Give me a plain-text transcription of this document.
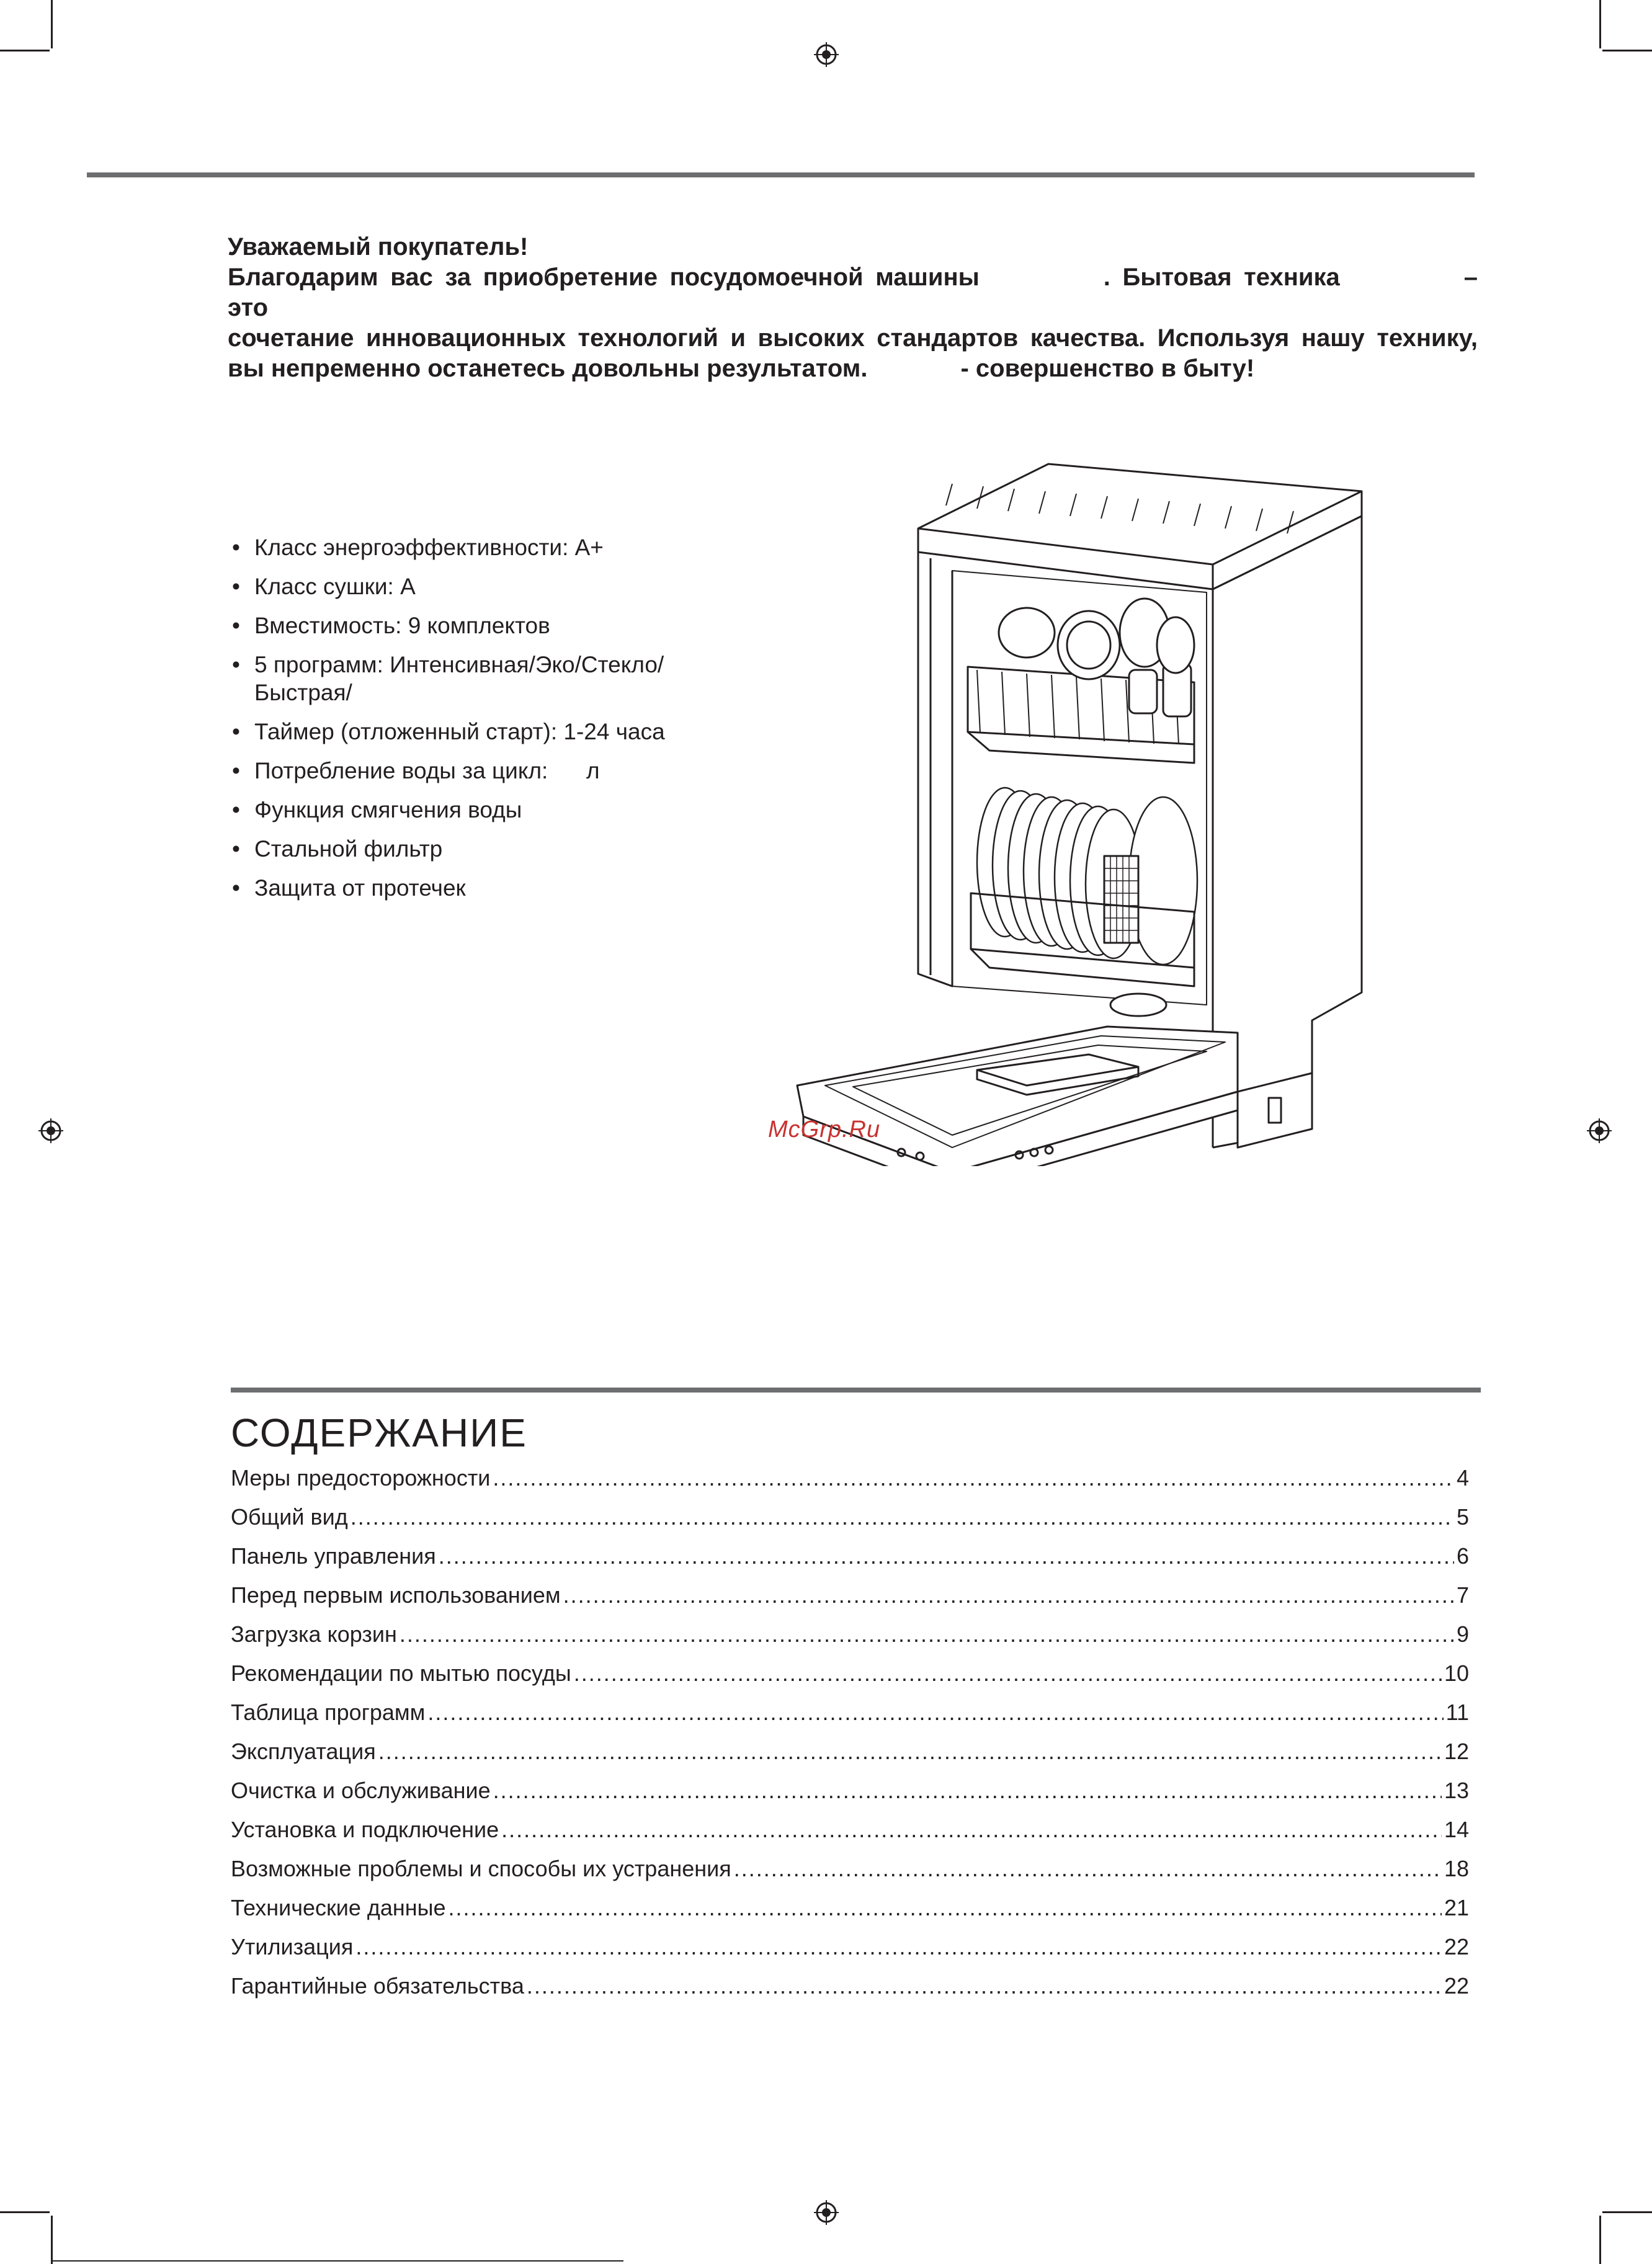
Уважаемый покупатель!

Благодарим вас за приобретение посудомоечной машины	. Бытовая техника	– это

сочетание инновационных технологий и высоких стандартов качества. Используя нашу технику,

вы непременно останетесь довольны результатом.	- совершенство в быту!

• Класс энергоэффективности: А+
• Класс сушки: А
• Вместимость: 9 комплектов
• 5 программ: Интенсивная/Эко/Стекло/ Быстрая/
• Таймер (отложенный старт): 1-24 часа
• Потребление воды за цикл:      л
• Функция смягчения воды
• Стальной фильтр
• Защита от протечек
McGrp.Ru
СОДЕРЖАНИЕ
Меры предосторожности .....	4
Общий вид .....	5
Панель управления .....	6
Перед первым использованием .....	7
Загрузка корзин .....	9
Рекомендации по мытью посуды .....	10
Таблица программ .....	11
Эксплуатация .....	12
Очистка и обслуживание .....	13
Установка и подключение .....	14
Возможные проблемы и способы их устранения .....	18
Технические данные .....	21
Утилизация .....	22
Гарантийные обязательства .....	22
